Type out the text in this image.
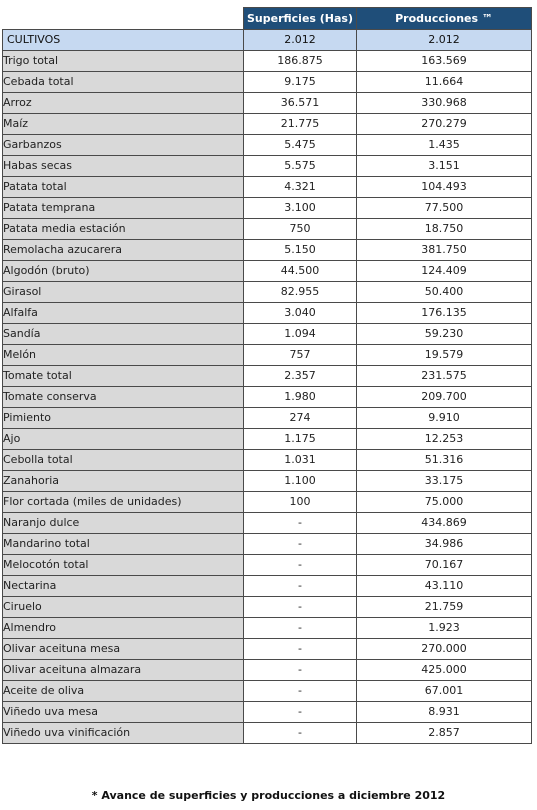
	Superficies (Has)	Producciones ™
CULTIVOS	2.012	2.012
Trigo total	186.875	163.569
Cebada total	9.175	11.664
Arroz	36.571	330.968
Maíz	21.775	270.279
Garbanzos	5.475	1.435
Habas secas	5.575	3.151
Patata total	4.321	104.493
Patata temprana	3.100	77.500
Patata media estación	750	18.750
Remolacha azucarera	5.150	381.750
Algodón (bruto)	44.500	124.409
Girasol	82.955	50.400
Alfalfa	3.040	176.135
Sandía	1.094	59.230
Melón	757	19.579
Tomate total	2.357	231.575
Tomate conserva	1.980	209.700
Pimiento	274	9.910
Ajo	1.175	12.253
Cebolla total	1.031	51.316
Zanahoria	1.100	33.175
Flor cortada (miles de unidades)	100	75.000
Naranjo dulce	-	434.869
Mandarino total	-	34.986
Melocotón total	-	70.167
Nectarina	-	43.110
Ciruelo	-	21.759
Almendro	-	1.923
Olivar aceituna mesa	-	270.000
Olivar aceituna almazara	-	425.000
Aceite de oliva	-	67.001
Viñedo uva mesa	-	8.931
Viñedo uva vinificación	-	2.857
* Avance de superficies y producciones a diciembre 2012
